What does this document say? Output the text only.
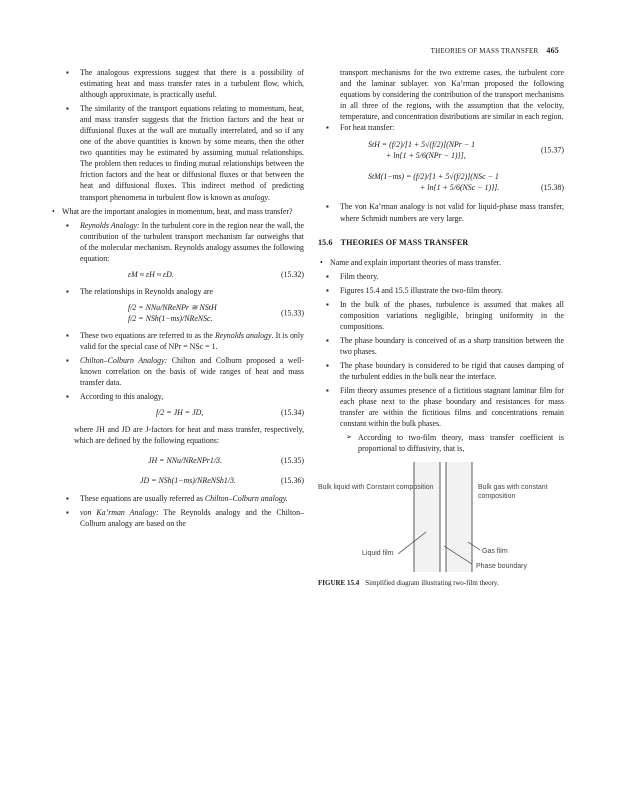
THEORIES OF MASS TRANSFER 465

▪ The analogous expressions suggest that there is a possibility of estimating heat and mass transfer rates in a turbulent flow, which, although approximate, is practically useful.

▪ The similarity of the transport equations relating to momentum, heat, and mass transfer suggests that the friction factors and the heat or diffusional fluxes at the wall are mutually interrelated, and so if any one of the above quantities is known by some means, then the other two quantities may be estimated by assuming mutual relationships. The problem then reduces to finding mutual relationships between the friction factors and the heat or diffusional fluxes or that between the heat and diffusional fluxes. This indirect method of predicting transport phenomena in turbulent flow is known as analogy.

• What are the important analogies in momentum, heat, and mass transfer?

▪ Reynolds Analogy: In the turbulent core in the region near the wall, the contribution of the turbulent transport mechanism far outweighs that of the molecular mechanism. Reynolds analogy assumes the following equation:

εM ≈ εH ≈ εD.	(15.32)

▪ The relationships in Reynolds analogy are

f/2 = NNu/NReNPr ≅ NStH
f/2 = NSh(1−ms)/NReNSc.
(15.33)

▪ These two equations are referred to as the Reynolds analogy. It is only valid for the special case of NPr = NSc = 1.

▪ Chilton–Colburn Analogy: Chilton and Colburn proposed a well-known correlation on the basis of wide ranges of heat and mass transfer data.

▪ According to this analogy,

f/2 = JH = JD,	(15.34)

where JH and JD are J-factors for heat and mass transfer, respectively, which are defined by the following equations:

JH = NNu/NReNPr1/3.	(15.35)
JD = NSh(1−ms)/NReNSh1/3.	(15.36)

▪ These equations are usually referred as Chilton–Colburn analogy.

▪ von Ka’rman Analogy: The Reynolds analogy and the Chilton–Colburn analogy are based on the

transport mechanisms for the two extreme cases, the turbulent core and the laminar sublayer. von Ka’rman proposed the following equations by considering the contribution of the transport mechanisms in all three of the regions, with the assumption that the velocity, temperature, and concentration distributions are similar in each region.

▪ For heat transfer:

StH = (f/2)/[1 + 5√(f/2)](NPr − 1
+ ln{1 + 5/6(NPr − 1)}],
(15.37)
StM(1−ms) = (f/2)/[1 + 5√(f/2)](NSc − 1
+ ln{1 + 5/6(NSc − 1)}].	(15.38)

▪ The von Ka’rman analogy is not valid for liquid-phase mass transfer, where Schmidt numbers are very large.

15.6 THEORIES OF MASS TRANSFER

• Name and explain important theories of mass transfer.

▪ Film theory.

▪ Figures 15.4 and 15.5 illustrate the two-film theory.

▪ In the bulk of the phases, turbulence is assumed that makes all composition variations negligible, bringing uniformity in the compositions.

▪ The phase boundary is conceived of as a sharp transition between the two phases.

▪ The phase boundary is considered to be rigid that causes damping of the turbulent eddies in the bulk near the interface.

▪ Film theory assumes presence of a fictitious stagnant laminar film for each phase next to the phase boundary and resistances for mass transfer are within the fictitious films and concentrations remain constant within the bulk phases.

➢ According to two-film theory, mass transfer coefficient is proportional to diffusivity, that is,

Bulk liquid with Constant composition	Bulk gas with constant composition
Liquid film	Gas film
Phase boundary

FIGURE 15.4 Simplified diagram illustrating two-film theory.
